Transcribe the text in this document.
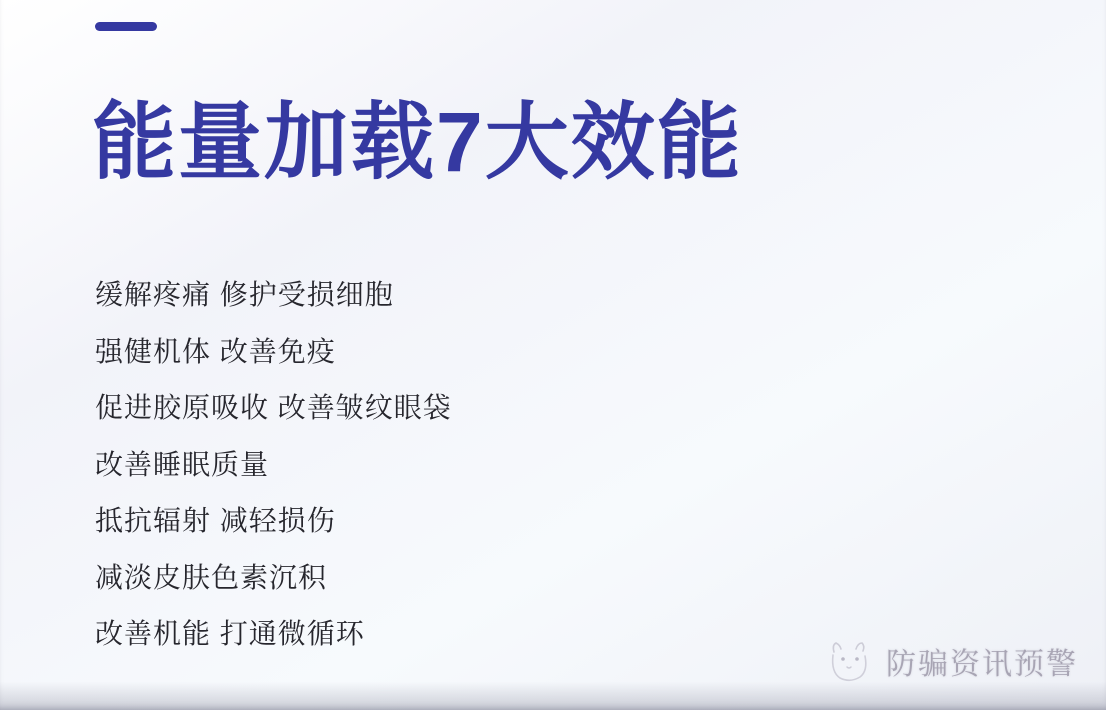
能量加载7大效能
缓解疼痛 修护受损细胞
强健机体 改善免疫
促进胶原吸收 改善皱纹眼袋
改善睡眠质量
抵抗辐射 减轻损伤
减淡皮肤色素沉积
改善机能 打通微循环
防骗资讯预警
